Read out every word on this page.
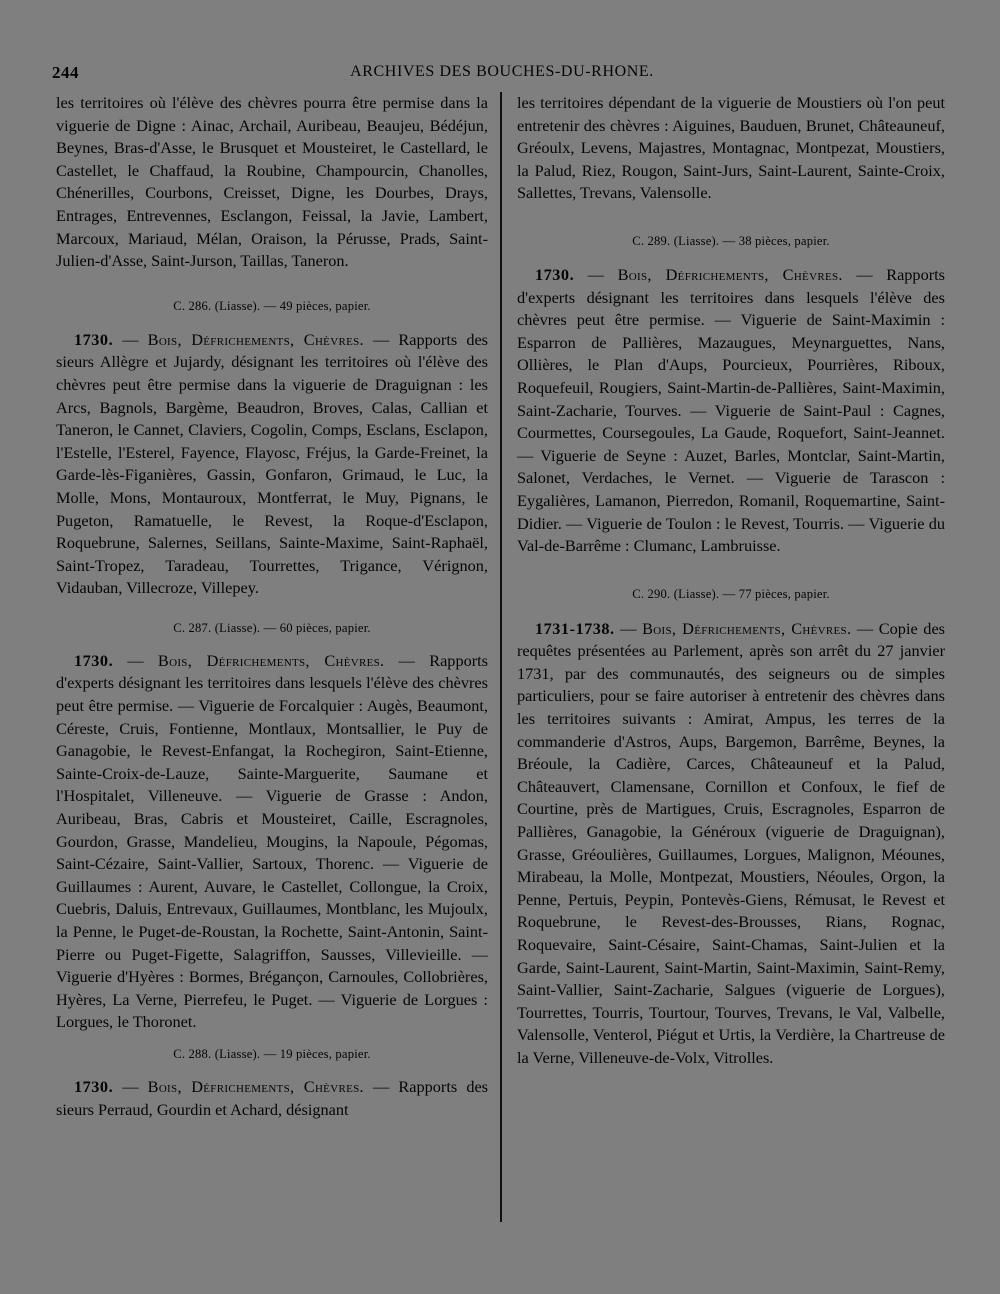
244	ARCHIVES DES BOUCHES-DU-RHONE.

les territoires où l'élève des chèvres pourra être permise dans la viguerie de Digne : Ainac, Archail, Auribeau, Beaujeu, Bédéjun, Beynes, Bras-d'Asse, le Brusquet et Mousteiret, le Castellard, le Castellet, le Chaffaud, la Roubine, Champourcin, Chanolles, Chénerilles, Courbons, Creisset, Digne, les Dourbes, Drays, Entrages, Entrevennes, Esclangon, Feissal, la Javie, Lambert, Marcoux, Mariaud, Mélan, Oraison, la Pérusse, Prads, Saint-Julien-d'Asse, Saint-Jurson, Taillas, Taneron.

C. 286. (Liasse). — 49 pièces, papier.

1730. — Bois, Défrichements, Chèvres. — Rapports des sieurs Allègre et Jujardy, désignant les territoires où l'élève des chèvres peut être permise dans la viguerie de Draguignan : les Arcs, Bagnols, Bargème, Beaudron, Broves, Calas, Callian et Taneron, le Cannet, Claviers, Cogolin, Comps, Esclans, Esclapon, l'Estelle, l'Esterel, Fayence, Flayosc, Fréjus, la Garde-Freinet, la Garde-lès-Figanières, Gassin, Gonfaron, Grimaud, le Luc, la Molle, Mons, Montauroux, Montferrat, le Muy, Pignans, le Pugeton, Ramatuelle, le Revest, la Roque-d'Esclapon, Roquebrune, Salernes, Seillans, Sainte-Maxime, Saint-Raphaël, Saint-Tropez, Taradeau, Tourrettes, Trigance, Vérignon, Vidauban, Villecroze, Villepey.

C. 287. (Liasse). — 60 pièces, papier.

1730. — Bois, Défrichements, Chèvres. — Rapports d'experts désignant les territoires dans lesquels l'élève des chèvres peut être permise. — Viguerie de Forcalquier : Augès, Beaumont, Céreste, Cruis, Fontienne, Montlaux, Montsallier, le Puy de Ganagobie, le Revest-Enfangat, la Rochegiron, Saint-Etienne, Sainte-Croix-de-Lauze, Sainte-Marguerite, Saumane et l'Hospitalet, Villeneuve. — Viguerie de Grasse : Andon, Auribeau, Bras, Cabris et Mousteiret, Caille, Escragnoles, Gourdon, Grasse, Mandelieu, Mougins, la Napoule, Pégomas, Saint-Cézaire, Saint-Vallier, Sartoux, Thorenc. — Viguerie de Guillaumes : Aurent, Auvare, le Castellet, Collongue, la Croix, Cuebris, Daluis, Entrevaux, Guillaumes, Montblanc, les Mujoulx, la Penne, le Puget-de-Roustan, la Rochette, Saint-Antonin, Saint-Pierre ou Puget-Figette, Salagriffon, Sausses, Villevieille. — Viguerie d'Hyères : Bormes, Brégançon, Carnoules, Collobrières, Hyères, La Verne, Pierrefeu, le Puget. — Viguerie de Lorgues : Lorgues, le Thoronet.

C. 288. (Liasse). — 19 pièces, papier.

1730. — Bois, Défrichements, Chèvres. — Rapports des sieurs Perraud, Gourdin et Achard, désignant

les territoires dépendant de la viguerie de Moustiers où l'on peut entretenir des chèvres : Aiguines, Bauduen, Brunet, Châteauneuf, Gréoulx, Levens, Majastres, Montagnac, Montpezat, Moustiers, la Palud, Riez, Rougon, Saint-Jurs, Saint-Laurent, Sainte-Croix, Sallettes, Trevans, Valensolle.

C. 289. (Liasse). — 38 pièces, papier.

1730. — Bois, Défrichements, Chèvres. — Rapports d'experts désignant les territoires dans lesquels l'élève des chèvres peut être permise. — Viguerie de Saint-Maximin : Esparron de Pallières, Mazaugues, Meynarguettes, Nans, Ollières, le Plan d'Aups, Pourcieux, Pourrières, Riboux, Roquefeuil, Rougiers, Saint-Martin-de-Pallières, Saint-Maximin, Saint-Zacharie, Tourves. — Viguerie de Saint-Paul : Cagnes, Courmettes, Coursegoules, La Gaude, Roquefort, Saint-Jeannet. — Viguerie de Seyne : Auzet, Barles, Montclar, Saint-Martin, Salonet, Verdaches, le Vernet. — Viguerie de Tarascon : Eygalières, Lamanon, Pierredon, Romanil, Roquemartine, Saint-Didier. — Viguerie de Toulon : le Revest, Tourris. — Viguerie du Val-de-Barrême : Clumanc, Lambruisse.

C. 290. (Liasse). — 77 pièces, papier.

1731-1738. — Bois, Défrichements, Chèvres. — Copie des requêtes présentées au Parlement, après son arrêt du 27 janvier 1731, par des communautés, des seigneurs ou de simples particuliers, pour se faire autoriser à entretenir des chèvres dans les territoires suivants : Amirat, Ampus, les terres de la commanderie d'Astros, Aups, Bargemon, Barrême, Beynes, la Bréoule, la Cadière, Carces, Châteauneuf et la Palud, Châteauvert, Clamensane, Cornillon et Confoux, le fief de Courtine, près de Martigues, Cruis, Escragnoles, Esparron de Pallières, Ganagobie, la Généroux (viguerie de Draguignan), Grasse, Gréoulières, Guillaumes, Lorgues, Malignon, Méounes, Mirabeau, la Molle, Montpezat, Moustiers, Néoules, Orgon, la Penne, Pertuis, Peypin, Pontevès-Giens, Rémusat, le Revest et Roquebrune, le Revest-des-Brousses, Rians, Rognac, Roquevaire, Saint-Césaire, Saint-Chamas, Saint-Julien et la Garde, Saint-Laurent, Saint-Martin, Saint-Maximin, Saint-Remy, Saint-Vallier, Saint-Zacharie, Salgues (viguerie de Lorgues), Tourrettes, Tourris, Tourtour, Tourves, Trevans, le Val, Valbelle, Valensolle, Venterol, Piégut et Urtis, la Verdière, la Chartreuse de la Verne, Villeneuve-de-Volx, Vitrolles.
